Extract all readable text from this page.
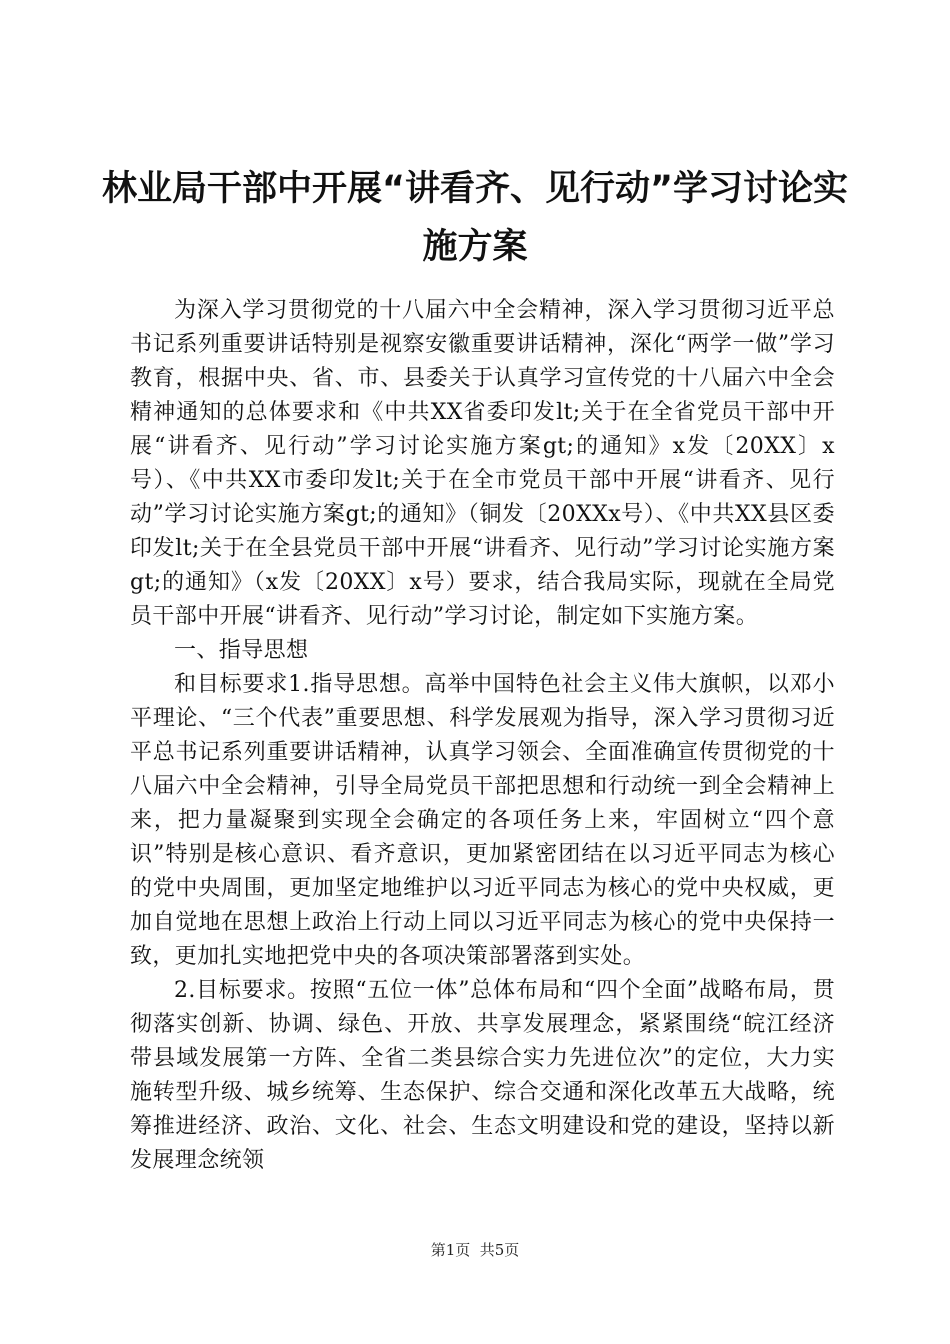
林业局干部中开展“讲看齐、见行动”学习讨论实施方案

为深入学习贯彻党的十八届六中全会精神，深入学习贯彻习近平总书记系列重要讲话特别是视察安徽重要讲话精神，深化“两学一做”学习教育，根据中央、省、市、县委关于认真学习宣传党的十八届六中全会精神通知的总体要求和《中共XX省委印发lt;关于在全省党员干部中开展“讲看齐、见行动”学习讨论实施方案gt;的通知》x发〔20XX〕x号）、《中共XX市委印发lt;关于在全市党员干部中开展“讲看齐、见行动”学习讨论实施方案gt;的通知》（铜发〔20XXx号）、《中共XX县区委印发lt;关于在全县党员干部中开展“讲看齐、见行动”学习讨论实施方案gt;的通知》（x发〔20XX〕x号）要求，结合我局实际，现就在全局党员干部中开展“讲看齐、见行动”学习讨论，制定如下实施方案。

一、指导思想

和目标要求1.指导思想。高举中国特色社会主义伟大旗帜，以邓小平理论、“三个代表”重要思想、科学发展观为指导，深入学习贯彻习近平总书记系列重要讲话精神，认真学习领会、全面准确宣传贯彻党的十八届六中全会精神，引导全局党员干部把思想和行动统一到全会精神上来，把力量凝聚到实现全会确定的各项任务上来，牢固树立“四个意识”特别是核心意识、看齐意识，更加紧密团结在以习近平同志为核心的党中央周围，更加坚定地维护以习近平同志为核心的党中央权威，更加自觉地在思想上政治上行动上同以习近平同志为核心的党中央保持一致，更加扎实地把党中央的各项决策部署落到实处。

2.目标要求。按照“五位一体”总体布局和“四个全面”战略布局，贯彻落实创新、协调、绿色、开放、共享发展理念，紧紧围绕“皖江经济带县域发展第一方阵、全省二类县综合实力先进位次”的定位，大力实施转型升级、城乡统筹、生态保护、综合交通和深化改革五大战略，统筹推进经济、政治、文化、社会、生态文明建设和党的建设，坚持以新发展理念统领

第1页  共5页
